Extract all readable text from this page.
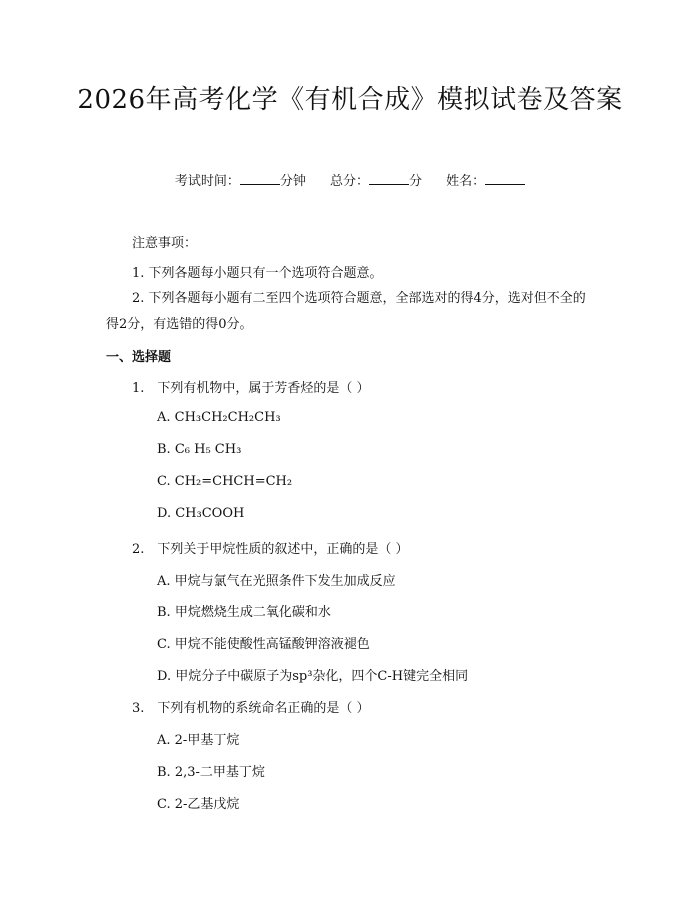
2026年高考化学《有机合成》模拟试卷及答案
考试时间：	分钟 总分：	分 姓名：
注意事项：
1. 下列各题每小题只有一个选项符合题意。
2. 下列各题每小题有二至四个选项符合题意，全部选对的得4分，选对但不全的得2分，有选错的得0分。
一、选择题
1.　下列有机物中，属于芳香烃的是（ ）
A. CH₃CH₂CH₂CH₃
B. C₆ H₅ CH₃
C. CH₂=CHCH=CH₂
D. CH₃COOH
2.　下列关于甲烷性质的叙述中，正确的是（ ）
A. 甲烷与氯气在光照条件下发生加成反应
B. 甲烷燃烧生成二氧化碳和水
C. 甲烷不能使酸性高锰酸钾溶液褪色
D. 甲烷分子中碳原子为sp³杂化，四个C-H键完全相同
3.　下列有机物的系统命名正确的是（ ）
A. 2-甲基丁烷
B. 2,3-二甲基丁烷
C. 2-乙基戊烷
